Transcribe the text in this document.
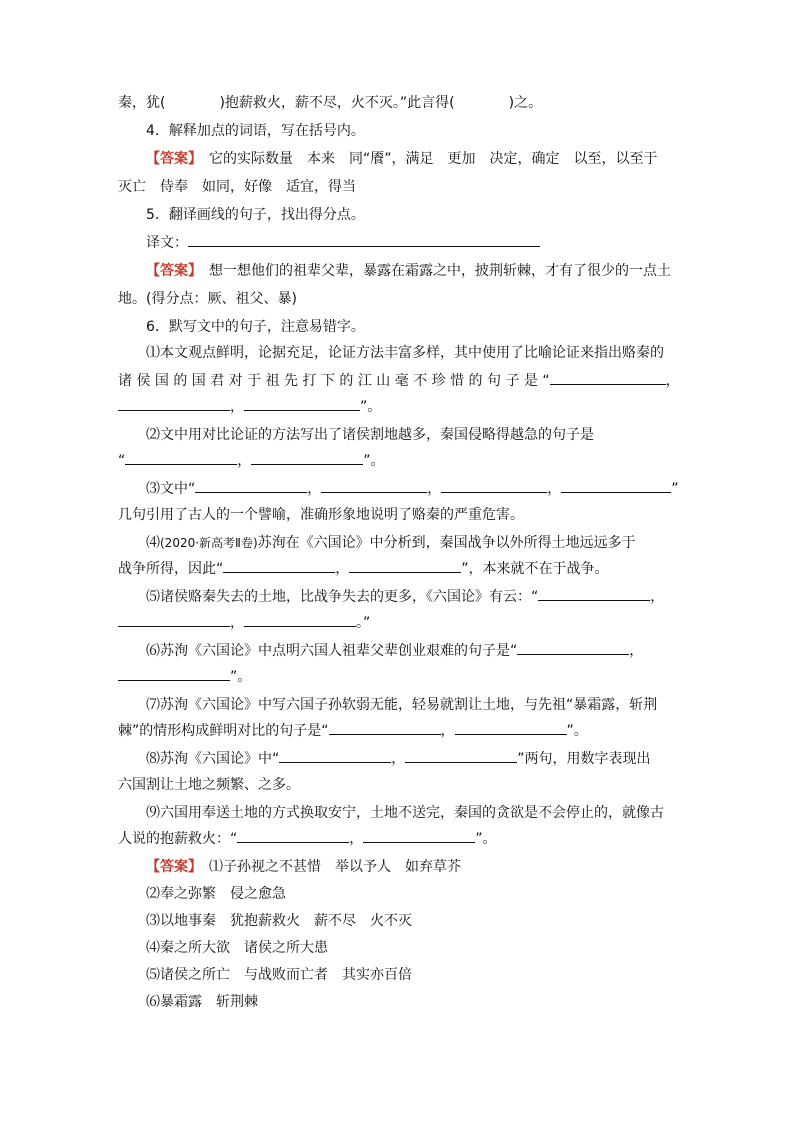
秦，犹(	)抱薪救火，薪不尽，火不灭。”此言得(	)之。
4．解释加点的词语，写在括号内。
【答案】　 它的实际数量　本来　同“餍”，满足　更加　决定，确定　以至，以至于
灭亡　侍奉　如同，好像　适宜，得当
5．翻译画线的句子，找出得分点。
译文：
【答案】　 想一想他们的祖辈父辈，暴露在霜露之中，披荆斩棘，才有了很少的一点土
地。(得分点：厥、祖父、暴)
6．默写文中的句子，注意易错字。
⑴本文观点鲜明，论据充足，论证方法丰富多样，其中使用了比喻论证来指出赂秦的
诸 侯 国 的 国 君 对 于 祖 先 打 下 的 江 山 毫 不 珍 惜 的 句 子 是 “	，
，	”。
⑵文中用对比论证的方法写出了诸侯割地越多，秦国侵略得越急的句子是
“	，	”。
⑶文中“	，	，	，	”
几句引用了古人的一个譬喻，准确形象地说明了赂秦的严重危害。
⑷(2020·新高考Ⅱ卷)苏洵在《六国论》中分析到，秦国战争以外所得土地远远多于
战争所得，因此“	，	”，本来就不在于战争。
⑸诸侯赂秦失去的土地，比战争失去的更多，《六国论》有云：“	，
，	。”
⑹苏洵《六国论》中点明六国人祖辈父辈创业艰难的句子是“	，
”。
⑺苏洵《六国论》中写六国子孙软弱无能，轻易就割让土地，与先祖“暴霜露，斩荆
棘”的情形构成鲜明对比的句子是“	，	”。
⑻苏洵《六国论》中“	，	”两句，用数字表现出
六国割让土地之频繁、之多。
⑼六国用奉送土地的方式换取安宁，土地不送完，秦国的贪欲是不会停止的，就像古
人说的抱薪救火：“	，	”。
【答案】　 ⑴子孙视之不甚惜　举以予人　如弃草芥
⑵奉之弥繁　侵之愈急
⑶以地事秦　犹抱薪救火　薪不尽　火不灭
⑷秦之所大欲　诸侯之所大患
⑸诸侯之所亡　与战败而亡者　其实亦百倍
⑹暴霜露　斩荆棘
